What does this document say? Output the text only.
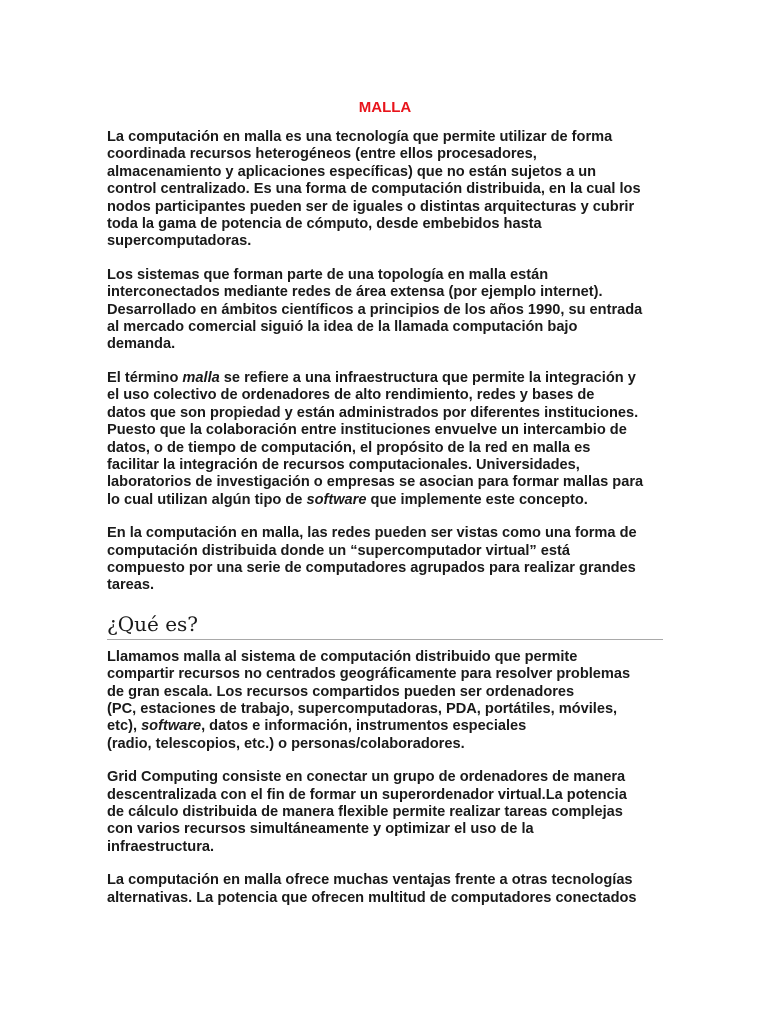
MALLA

La computación en malla es una tecnología que permite utilizar de forma
coordinada recursos heterogéneos (entre ellos procesadores,
almacenamiento y aplicaciones específicas) que no están sujetos a un
control centralizado. Es una forma de computación distribuida, en la cual los
nodos participantes pueden ser de iguales o distintas arquitecturas y cubrir
toda la gama de potencia de cómputo, desde embebidos hasta
supercomputadoras.

Los sistemas que forman parte de una topología en malla están
interconectados mediante redes de área extensa (por ejemplo internet).
Desarrollado en ámbitos científicos a principios de los años 1990, su entrada
al mercado comercial siguió la idea de la llamada computación bajo
demanda.

El término malla se refiere a una infraestructura que permite la integración y
el uso colectivo de ordenadores de alto rendimiento, redes y bases de
datos que son propiedad y están administrados por diferentes instituciones.
Puesto que la colaboración entre instituciones envuelve un intercambio de
datos, o de tiempo de computación, el propósito de la red en malla es
facilitar la integración de recursos computacionales. Universidades,
laboratorios de investigación o empresas se asocian para formar mallas para
lo cual utilizan algún tipo de software que implemente este concepto.

En la computación en malla, las redes pueden ser vistas como una forma de
computación distribuida donde un “supercomputador virtual” está
compuesto por una serie de computadores agrupados para realizar grandes
tareas.

¿Qué es?

Llamamos malla al sistema de computación distribuido que permite
compartir recursos no centrados geográficamente para resolver problemas
de gran escala. Los recursos compartidos pueden ser ordenadores
(PC, estaciones de trabajo, supercomputadoras, PDA, portátiles, móviles,
etc), software, datos e información, instrumentos especiales
(radio, telescopios, etc.) o personas/colaboradores.

Grid Computing consiste en conectar un grupo de ordenadores de manera
descentralizada con el fin de formar un superordenador virtual.La potencia
de cálculo distribuida de manera flexible permite realizar tareas complejas
con varios recursos simultáneamente y optimizar el uso de la
infraestructura.

La computación en malla ofrece muchas ventajas frente a otras tecnologías
alternativas. La potencia que ofrecen multitud de computadores conectados
